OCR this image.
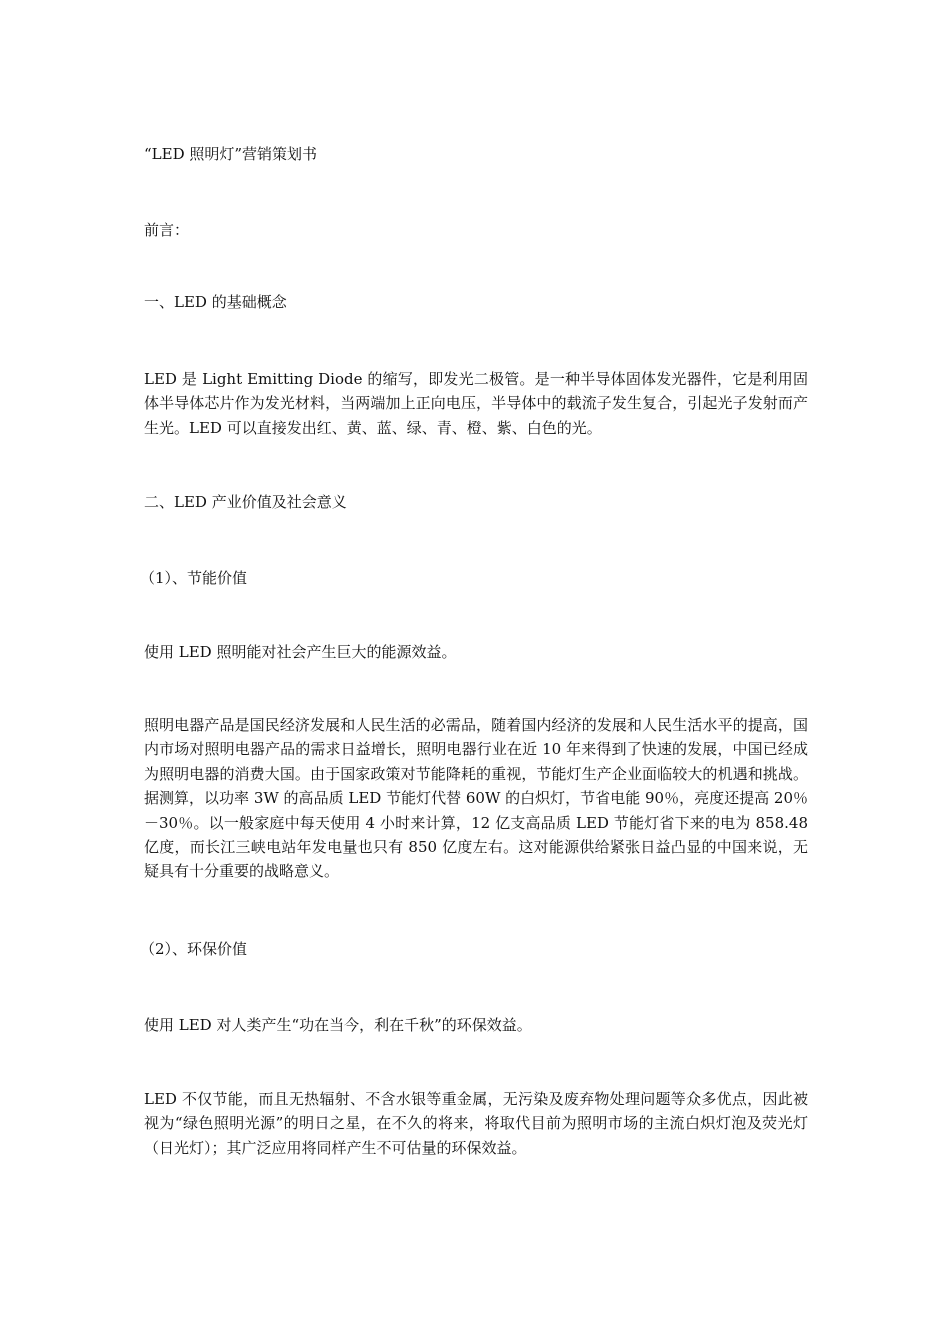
“LED 照明灯”营销策划书
前言：
一、LED 的基础概念
LED 是 Light Emitting Diode 的缩写，即发光二极管。是一种半导体固体发光器件，它是利用固体半导体芯片作为发光材料，当两端加上正向电压，半导体中的载流子发生复合，引起光子发射而产生光。LED 可以直接发出红、黄、蓝、绿、青、橙、紫、白色的光。
二、LED 产业价值及社会意义
（1）、节能价值
使用 LED 照明能对社会产生巨大的能源效益。
照明电器产品是国民经济发展和人民生活的必需品，随着国内经济的发展和人民生活水平的提高，国内市场对照明电器产品的需求日益增长，照明电器行业在近 10 年来得到了快速的发展，中国已经成为照明电器的消费大国。由于国家政策对节能降耗的重视，节能灯生产企业面临较大的机遇和挑战。据测算，以功率 3W 的高品质 LED 节能灯代替 60W 的白炽灯，节省电能 90％，亮度还提高 20％－30％。以一般家庭中每天使用 4 小时来计算，12 亿支高品质 LED 节能灯省下来的电为 858.48 亿度，而长江三峡电站年发电量也只有 850 亿度左右。这对能源供给紧张日益凸显的中国来说，无疑具有十分重要的战略意义。
（2）、环保价值
使用 LED 对人类产生“功在当今，利在千秋”的环保效益。
LED 不仅节能，而且无热辐射、不含水银等重金属，无污染及废弃物处理问题等众多优点，因此被视为“绿色照明光源”的明日之星，在不久的将来，将取代目前为照明市场的主流白炽灯泡及荧光灯（日光灯）；其广泛应用将同样产生不可估量的环保效益。
